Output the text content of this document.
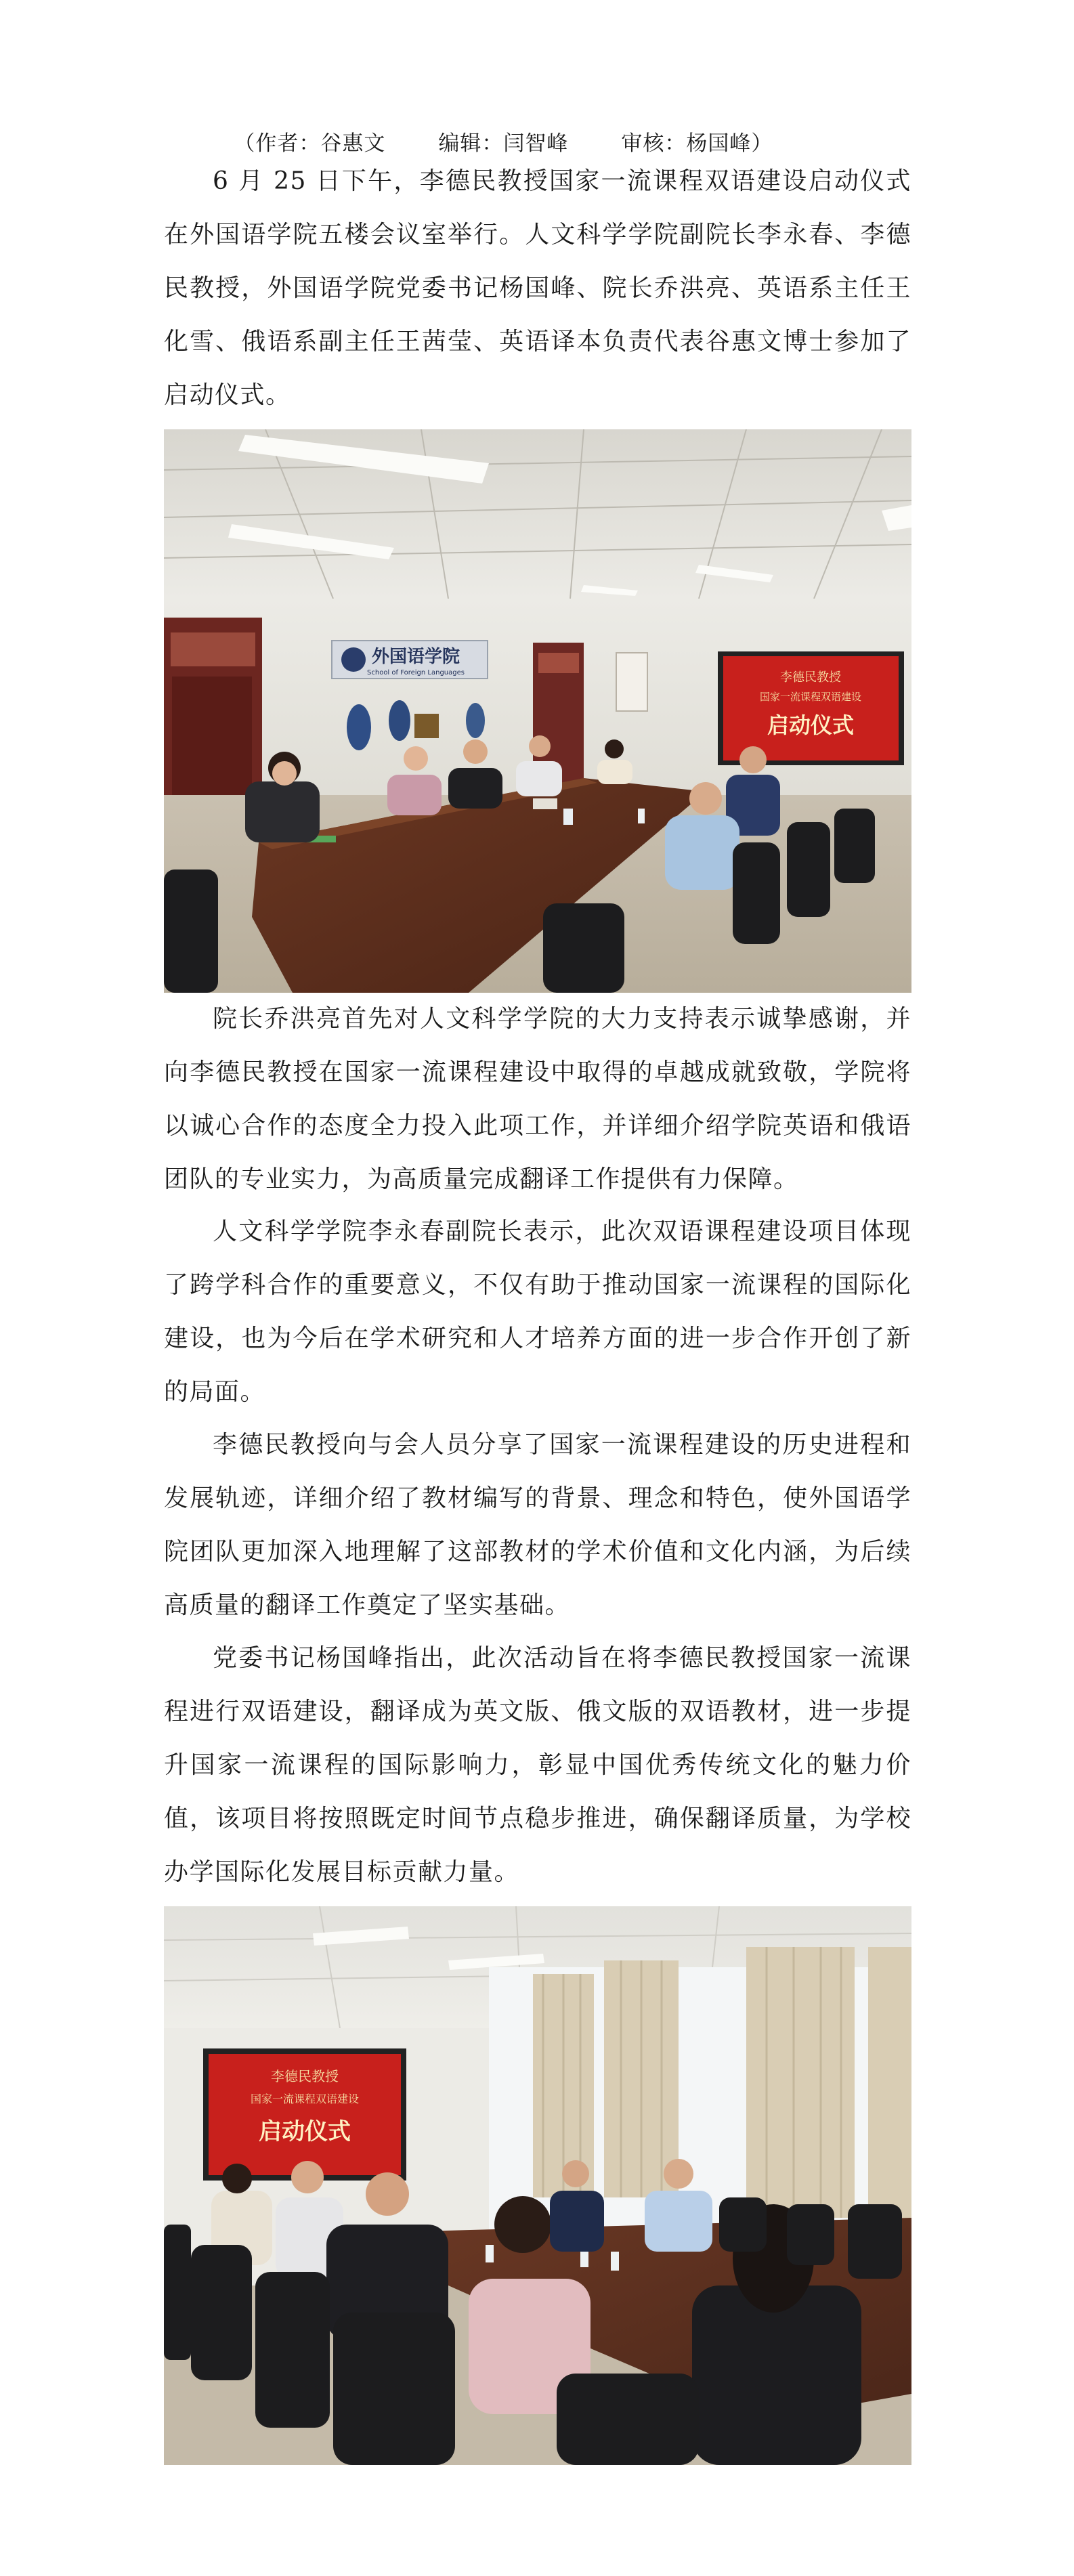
（作者：谷惠文	编辑：闫智峰	审核：杨国峰）

6 月 25 日下午，李德民教授国家一流课程双语建设启动仪式在外国语学院五楼会议室举行。人文科学学院副院长李永春、李德民教授，外国语学院党委书记杨国峰、院长乔洪亮、英语系主任王化雪、俄语系副主任王茜莹、英语译本负责代表谷惠文博士参加了启动仪式。

外国语学院
School of Foreign Languages	李德民教授
国家一流课程双语建设
启动仪式

院长乔洪亮首先对人文科学学院的大力支持表示诚挚感谢，并向李德民教授在国家一流课程建设中取得的卓越成就致敬，学院将以诚心合作的态度全力投入此项工作，并详细介绍学院英语和俄语团队的专业实力，为高质量完成翻译工作提供有力保障。

人文科学学院李永春副院长表示，此次双语课程建设项目体现了跨学科合作的重要意义，不仅有助于推动国家一流课程的国际化建设，也为今后在学术研究和人才培养方面的进一步合作开创了新的局面。

李德民教授向与会人员分享了国家一流课程建设的历史进程和发展轨迹，详细介绍了教材编写的背景、理念和特色，使外国语学院团队更加深入地理解了这部教材的学术价值和文化内涵，为后续高质量的翻译工作奠定了坚实基础。

党委书记杨国峰指出，此次活动旨在将李德民教授国家一流课程进行双语建设，翻译成为英文版、俄文版的双语教材，进一步提升国家一流课程的国际影响力，彰显中国优秀传统文化的魅力价值，该项目将按照既定时间节点稳步推进，确保翻译质量，为学校办学国际化发展目标贡献力量。

李德民教授
国家一流课程双语建设
启动仪式
